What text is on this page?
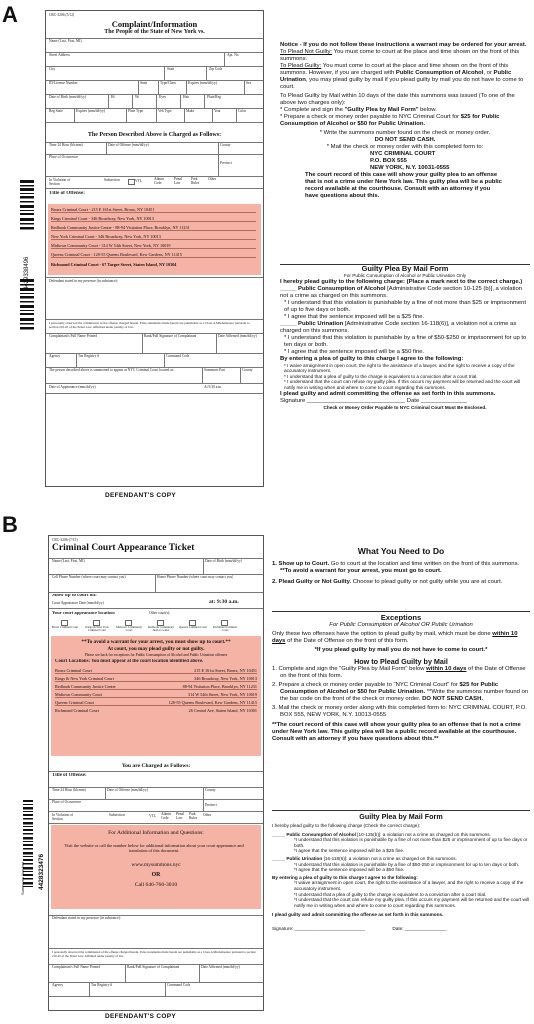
A	CRC-3206 (5/12)
Complaint/Information
The People of the State of New York vs.
Name (Last, First, MI)
Street Address	Apt. No.
City	State	Zip Code
ID/License Number	State	Type/Class	Expires (mm/dd/yy)	Sex
Date of Birth (mm/dd/yy)	Ht	Wt	Eyes	Hair	Plate/Reg
Reg State	Expires (mm/dd/yy)	Plate Type	Veh Type	Make	Year	Color
The Person Described Above is Charged as Follows:
Time 24 Hour (hh:mm)	Date of Offense (mm/dd/yy)	County
Place of Occurrence
Precinct
In Violation of Section
Subsection	VTL	Admin Code
Penal Law
Park Rules
Other
Title of Offense:
Bronx Criminal Court - 215 E 161st Street, Bronx, NY 10451
Kings Criminal Court - 346 Broadway, New York, NY 10013
Redhook Community Justice Center - 88-94 Visitation Place, Brooklyn, NY 11231
New York Criminal Court - 346 Broadway, New York, NY 10013
Midtown Community Court - 314 W 54th Street, New York, NY 10019
Queens Criminal Court - 120-55 Queens Boulevard, Kew Gardens, NY 11415
Richmond Criminal Court - 67 Targee Street, Staten Island, NY 10304
Defendant stated in my presence (in substance):
I personally observed the commission of the offense charged herein. False statements made herein are punishable as a Class A Misdemeanor pursuant to section 210.45 of the Penal Law. Affirmed under penalty of law.
Complainant's Full Name Printed	Rank/Full Signature of Complainant	Date Affirmed (mm/dd/yy)
Agency	Tax Registry #	Command Code
The person described above is summoned to appear at NYC Criminal Court located at:	Summons Part	County
Date of Appearance (mm/dd/yy)	At 9:30 a.m.
4429338496
DEFENDANT'S COPY
Notice - If you do not follow these instructions a warrant may be ordered for your arrest.
To Plead Not Guilty: You must come to court at the place and time shown on the front of this summons.
To Plead Guilty: You must come to court at the place and time shown on the front of this summons. However, if you are charged with Public Consumption of Alcohol, or Public Urination, you may plead guilty by mail if you plead guilty by mail you do not have to come to court.
To Plead Guilty by Mail within 10 days of the date this summons was issued (To one of the above two charges only):
* Complete and sign the "Guilty Plea by Mail Form" below.
* Prepare a check or money order payable to NYC Criminal Court for $25 for Public Consumption of Alcohol or $50 for Public Urination.
* Write the summons number found on the check or money order.
DO NOT SEND CASH.
* Mail the check or money order with this completed form to:
NYC CRIMINAL COURT
P.O. BOX 555
NEW YORK, N.Y. 10031-0555
The court record of this case will show your guilty plea to an offense that is not a crime under New York law. This guilty plea will be a public record available at the courthouse. Consult with an attorney if you have questions about this.
Guilty Plea By Mail Form
For Public Consumption of Alcohol or Public Urination Only
I hereby plead guilty to the following charge: (Place a mark next to the correct charge.)
_____ Public Consumption of Alcohol [Administrative Code section 10-125 (b)], a violation not a crime as charged on this summons.
* I understand that this violation is punishable by a fine of not more than $25 or imprisonment of up to five days or both.
* I agree that the sentence imposed will be a $25 fine.
_____ Public Urination [Administrative Code section 16-118(6)], a violation not a crime as charged on this summons.
* I understand that this violation is punishable by a fine of $50-$250 or imprisonment for up to ten days or both.
* I agree that the sentence imposed will be a $50 fine.
By entering a plea of guilty to this charge I agree to the following:
* I waive arraignment in open court, the right to the assistance of a lawyer, and the right to receive a copy of the accusatory instrument.
* I understand that a plea of guilty to the charge is equivalent to a conviction after a court trial.
* I understand that the court can refuse my guilty plea. If this occurs my payment will be returned and the court will notify me in writing when and where to come to court regarding this summons.
I plead guilty and admit committing the offense as set forth in this summons.
Signature ______________________________ Date ______________
Check or Money Order Payable to NYC Criminal Court Must Be Enclosed.
B
CRC-3206-(7/15)
Criminal Court Appearance Ticket
Name (Last, First, MI)	Date of Birth (mm/dd/yy)
Cell Phone Number (where court may contact you)	Home Phone Number (where court may contact you)
Show up to court on:
Court Appearance Date (mm/dd/yy)	at: 9:30 a.m.
Your court appearance location:	Other court(s):
Bronx Criminal Court	Kings & New York Criminal Court
Midtown Community Court
Redhook Community Justice Center
Queens Criminal Court	Richmond Criminal Court
**To avoid a warrant for your arrest, you must show up to court.**
At court, you may plead guilty or not guilty.
Please see back for exceptions for Public Consumption of Alcohol and Public Urination offenses
Court Locations: You must appear at the court location identified above.
Bronx Criminal Court	215 E 161st Street, Bronx, NY 10451
Kings & New York Criminal Court	346 Broadway, New York, NY 10013
Redhook Community Justice Center	88-94 Visitation Place, Brooklyn, NY 11231
Midtown Community Court	314 W 54th Street, New York, NY 10019
Queens Criminal Court	120-55 Queens Boulevard, Kew Gardens, NY 11415
Richmond Criminal Court	26 Central Ave, Staten Island, NY 10301
You are Charged as Follows:
Title of Offense:
Time 24 Hour (hh:mm)	Date of Offense (mm/dd/yy)	County
Place of Occurrence
Precinct
In Violation of Section
Subsection	VTL Admin Code
Penal Law
Park Rules
Other
For Additional Information and Questions:
Visit the website or call the number below for additional information about your court appearance and translation of this document.
www.mysummons.nyc
OR
Call 646-760-3010
Defendant stated in my presence (in substance):
I personally observed the commission of the offense charged herein. False statements made herein are punishable as a Class A Misdemeanor pursuant to section 210.45 of the Penal Law. Affirmed under penalty of law.
Complainant's Full Name Printed	Rank/Full Signature of Complainant	Date Affirmed (mm/dd/yy)
Agency	Tax Registry #	Command Code
4428323476
Summons Number
DEFENDANT'S COPY
What You Need to Do
1. Show up to Court. Go to court at the location and time written on the front of this summons. **To avoid a warrant for your arrest, you must go to court.
2. Plead Guilty or Not Guilty. Choose to plead guilty or not guilty while you are at court.
Exceptions
For Public Consumption of Alcohol OR Public Urination
Only these two offenses have the option to plead guilty by mail, which must be done within 10 days of the Date of Offense on the front of this form.
*If you plead guilty by mail you do not have to come to court.*
How to Plead Guilty by Mail
1. Complete and sign the "Guilty Plea by Mail Form" below within 10 days of the Date of Offense on the front of this form.
2. Prepare a check or money order payable to "NYC Criminal Court" for $25 for Public Consumption of Alcohol or $50 for Public Urination. **Write the summons number found on the bar code on the front of the check or money order. DO NOT SEND CASH.
3. Mail the check or money order along with this completed form to: NYC CRIMINAL COURT, P.O. BOX 555, NEW YORK, N.Y. 10013-0555
**The court record of this case will show your guilty plea to an offense that is not a crime under New York law. This guilty plea will be a public record available at the courthouse. Consult with an attorney if you have questions about this.**
Guilty Plea by Mail Form
I hereby plead guilty to the following charge (Check the correct charge):
_____ Public Consumption of Alcohol [10-125(b)]: a violation not a crime as charged on this summons.
*I understand that this violation is punishable by a fine of not more than $25 or imprisonment of up to five days or both.
*I agree that the sentence imposed will be a $25 fine.
_____ Public Urination [16-118(6)]: a violation not a crime as charged on this summons.
*I understand that this violation is punishable by a fine of $50-250 or imprisonment for up to ten days or both.
*I agree that the sentence imposed will be a $50 fine.
By entering a plea of guilty to this charge I agree to the following:
*I waive arraignment in open court, the right to the assistance of a lawyer, and the right to receive a copy of the accusatory instrument.
*I understand that a plea of guilty to the charge is equivalent to a conviction after a court trial.
*I understand that the court can refuse my guilty plea. If this occurs my payment will be returned and the court will notify me in writing when and where to come to court regarding this summons.
I plead guilty and admit committing the offense as set forth in this summons.
Signature: ___________________________	Date: ________________
